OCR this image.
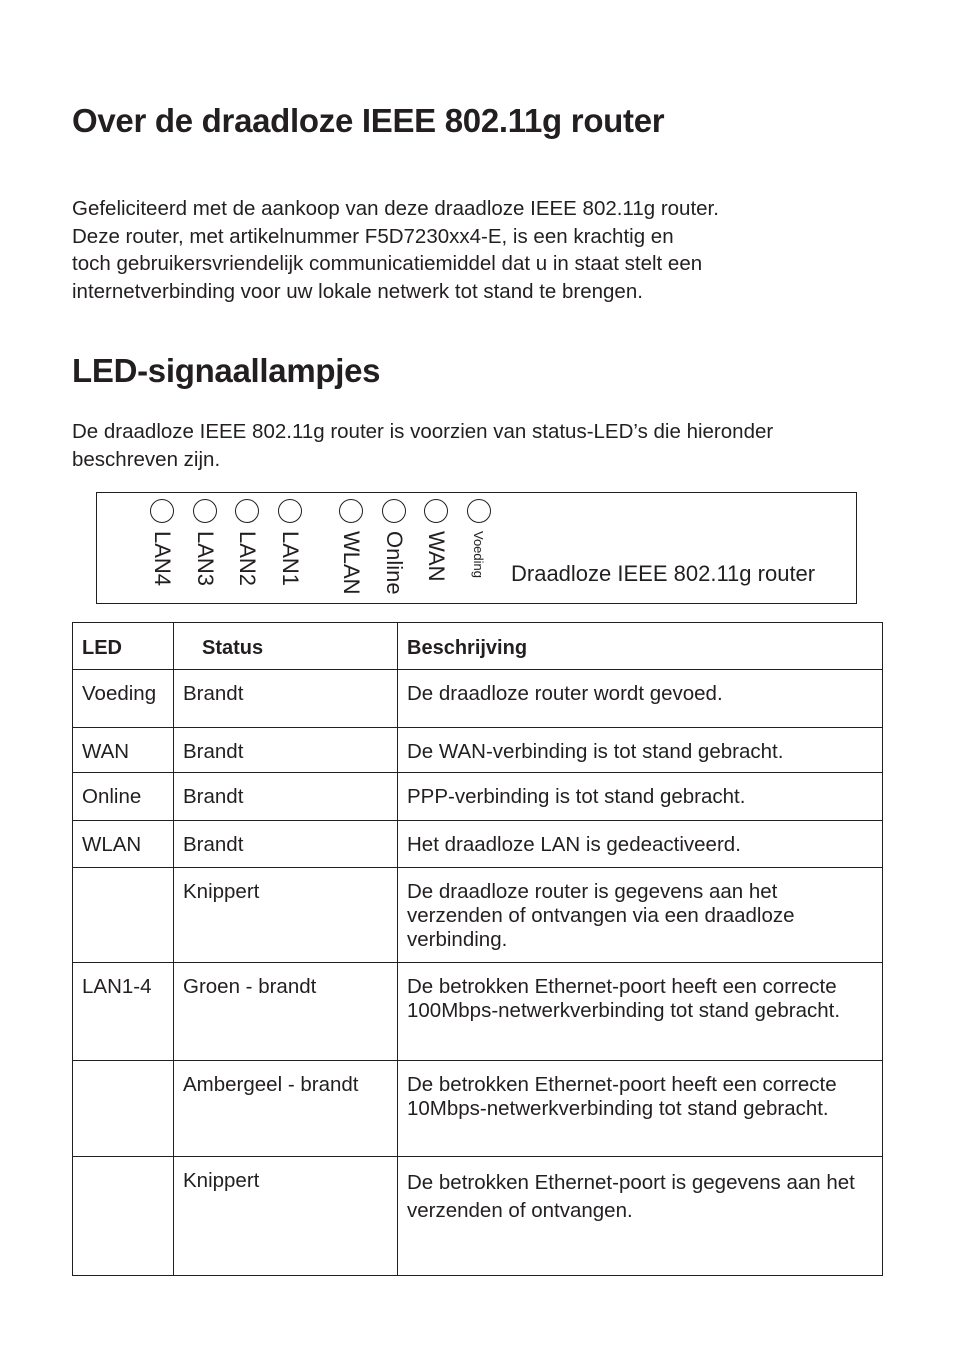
Over de draadloze IEEE 802.11g router
Gefeliciteerd met de aankoop van deze draadloze IEEE 802.11g router.
Deze router, met artikelnummer F5D7230xx4-E, is een krachtig en
toch gebruikersvriendelijk communicatiemiddel dat u in staat stelt een
internetverbinding voor uw lokale netwerk tot stand te brengen.
LED-signaallampjes
De draadloze IEEE 802.11g router is voorzien van status-LED’s die hieronder
beschreven zijn.
LAN4 LAN3 LAN2 LAN1 WLAN Online WAN Voeding Draadloze IEEE 802.11g router
LED	Status	Beschrijving
Voeding	Brandt	De draadloze router wordt gevoed.
WAN	Brandt	De WAN-verbinding is tot stand gebracht.
Online	Brandt	PPP-verbinding is tot stand gebracht.
WLAN	Brandt	Het draadloze LAN is gedeactiveerd.
	Knippert	De draadloze router is gegevens aan het verzenden of ontvangen via een draadloze verbinding.
LAN1-4	Groen - brandt	De betrokken Ethernet-poort heeft een correcte 100Mbps-netwerkverbinding tot stand gebracht.
	Ambergeel - brandt	De betrokken Ethernet-poort heeft een correcte 10Mbps-netwerkverbinding tot stand gebracht.
	Knippert	De betrokken Ethernet-poort is gegevens aan het verzenden of ontvangen.
